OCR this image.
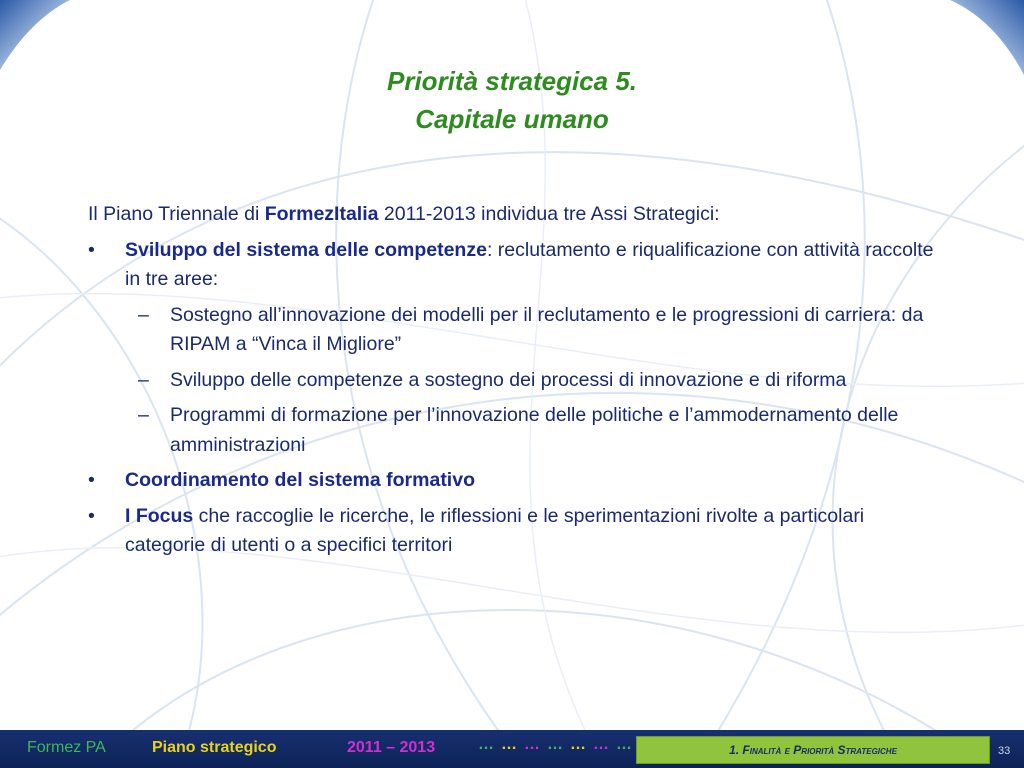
Priorità strategica 5.
Capitale umano

Il Piano Triennale di FormezItalia 2011-2013 individua tre Assi Strategici:

• Sviluppo del sistema delle competenze: reclutamento e riqualificazione con attività raccolte in tre aree:
– Sostegno all’innovazione dei modelli per il reclutamento e le progressioni di carriera: da RIPAM a “Vinca il Migliore”
– Sviluppo delle competenze a sostegno dei processi di innovazione e di riforma
– Programmi di formazione per l’innovazione delle politiche e l’ammodernamento delle amministrazioni
• Coordinamento del sistema formativo
• I Focus che raccoglie le ricerche, le riflessioni e le sperimentazioni rivolte a particolari categorie di utenti o a specifici territori
Formez PA	Piano strategico	2011 – 2013	… … … … … … …	1. Finalità e Priorità Strategiche	33
